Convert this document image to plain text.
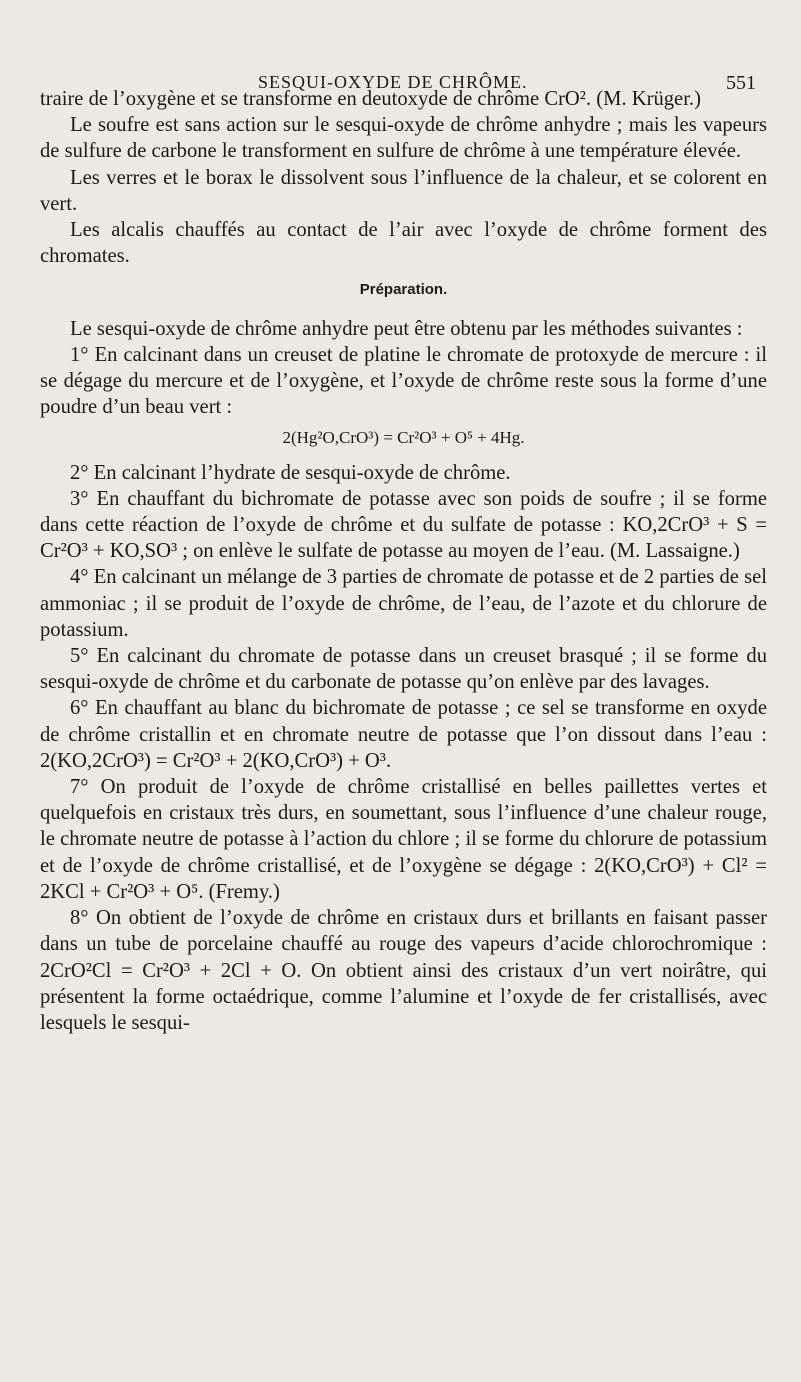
SESQUI-OXYDE DE CHRÔME.	551

traire de l’oxygène et se transforme en deutoxyde de chrôme CrO². (M. Krüger.)

Le soufre est sans action sur le sesqui-oxyde de chrôme anhydre ; mais les vapeurs de sulfure de carbone le transforment en sulfure de chrôme à une température élevée.

Les verres et le borax le dissolvent sous l’influence de la chaleur, et se colorent en vert.

Les alcalis chauffés au contact de l’air avec l’oxyde de chrôme forment des chromates.

Préparation.

Le sesqui-oxyde de chrôme anhydre peut être obtenu par les méthodes suivantes :

1° En calcinant dans un creuset de platine le chromate de protoxyde de mercure : il se dégage du mercure et de l’oxygène, et l’oxyde de chrôme reste sous la forme d’une poudre d’un beau vert :

2(Hg²O,CrO³) = Cr²O³ + O⁵ + 4Hg.

2° En calcinant l’hydrate de sesqui-oxyde de chrôme.

3° En chauffant du bichromate de potasse avec son poids de soufre ; il se forme dans cette réaction de l’oxyde de chrôme et du sulfate de potasse : KO,2CrO³ + S = Cr²O³ + KO,SO³ ; on enlève le sulfate de potasse au moyen de l’eau. (M. Lassaigne.)

4° En calcinant un mélange de 3 parties de chromate de potasse et de 2 parties de sel ammoniac ; il se produit de l’oxyde de chrôme, de l’eau, de l’azote et du chlorure de potassium.

5° En calcinant du chromate de potasse dans un creuset brasqué ; il se forme du sesqui-oxyde de chrôme et du carbonate de potasse qu’on enlève par des lavages.

6° En chauffant au blanc du bichromate de potasse ; ce sel se transforme en oxyde de chrôme cristallin et en chromate neutre de potasse que l’on dissout dans l’eau : 2(KO,2CrO³) = Cr²O³ + 2(KO,CrO³) + O³.

7° On produit de l’oxyde de chrôme cristallisé en belles paillettes vertes et quelquefois en cristaux très durs, en soumettant, sous l’influence d’une chaleur rouge, le chromate neutre de potasse à l’action du chlore ; il se forme du chlorure de potassium et de l’oxyde de chrôme cristallisé, et de l’oxygène se dégage : 2(KO,CrO³) + Cl² = 2KCl + Cr²O³ + O⁵. (Fremy.)

8° On obtient de l’oxyde de chrôme en cristaux durs et brillants en faisant passer dans un tube de porcelaine chauffé au rouge des vapeurs d’acide chlorochromique : 2CrO²Cl = Cr²O³ + 2Cl + O. On obtient ainsi des cristaux d’un vert noirâtre, qui présentent la forme octaédrique, comme l’alumine et l’oxyde de fer cristallisés, avec lesquels le sesqui-
